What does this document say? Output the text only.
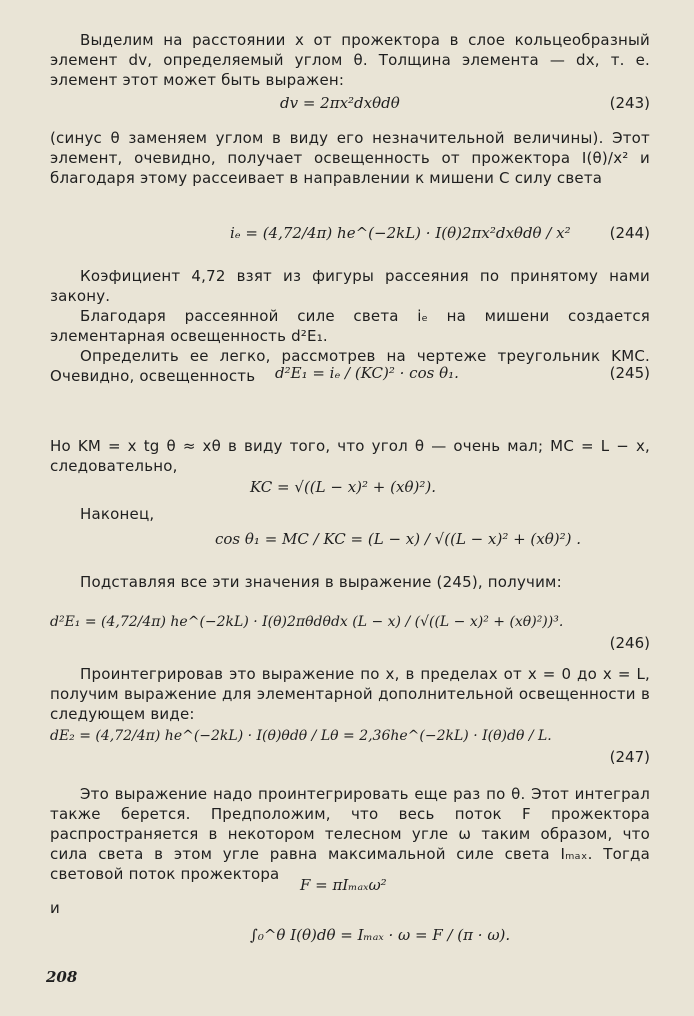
Выделим на расстоянии x от прожектора в слое кольцеобразный элемент dv, определяемый углом θ. Толщина элемента — dx, т. е. элемент этот может быть выражен:
dv = 2πx²dxθdθ	(243)
(синус θ заменяем углом в виду его незначительной величины). Этот элемент, очевидно, получает освещенность от прожектора I(θ)/x² и благодаря этому рассеивает в направлении к мишени C силу света
iₑ = (4,72/4π) he^(−2kL) · I(θ)2πx²dxθdθ / x²	(244)
Коэфициент 4,72 взят из фигуры рассеяния по принятому нами закону.
Благодаря рассеянной силе света iₑ на мишени создается элементарная освещенность d²E₁.
Определить ее легко, рассмотрев на чертеже треугольник KMC. Очевидно, освещенность	d²E₁ = iₑ / (KC)² · cos θ₁.	(245)
Но KM = x tg θ ≈ xθ в виду того, что угол θ — очень мал; MC = L − x, следовательно,
KC = √((L − x)² + (xθ)²).
Наконец,
cos θ₁ = MC / KC = (L − x) / √((L − x)² + (xθ)²) .
Подставляя все эти значения в выражение (245), получим:
d²E₁ = (4,72/4π) he^(−2kL) · I(θ)2πθdθdx (L − x) / (√((L − x)² + (xθ)²))³.
(246)
Проинтегрировав это выражение по x, в пределах от x = 0 до x = L, получим выражение для элементарной дополнительной освещенности в следующем виде:
dE₂ = (4,72/4π) he^(−2kL) · I(θ)θdθ / Lθ = 2,36he^(−2kL) · I(θ)dθ / L.
(247)
Это выражение надо проинтегрировать еще раз по θ. Этот интеграл также берется. Предположим, что весь поток F прожектора распространяется в некотором телесном угле ω таким образом, что сила света в этом угле равна максимальной силе света Iₘₐₓ. Тогда световой поток прожектора
F = πIₘₐₓω²
и
∫₀^θ I(θ)dθ = Iₘₐₓ · ω = F / (π · ω).
208
